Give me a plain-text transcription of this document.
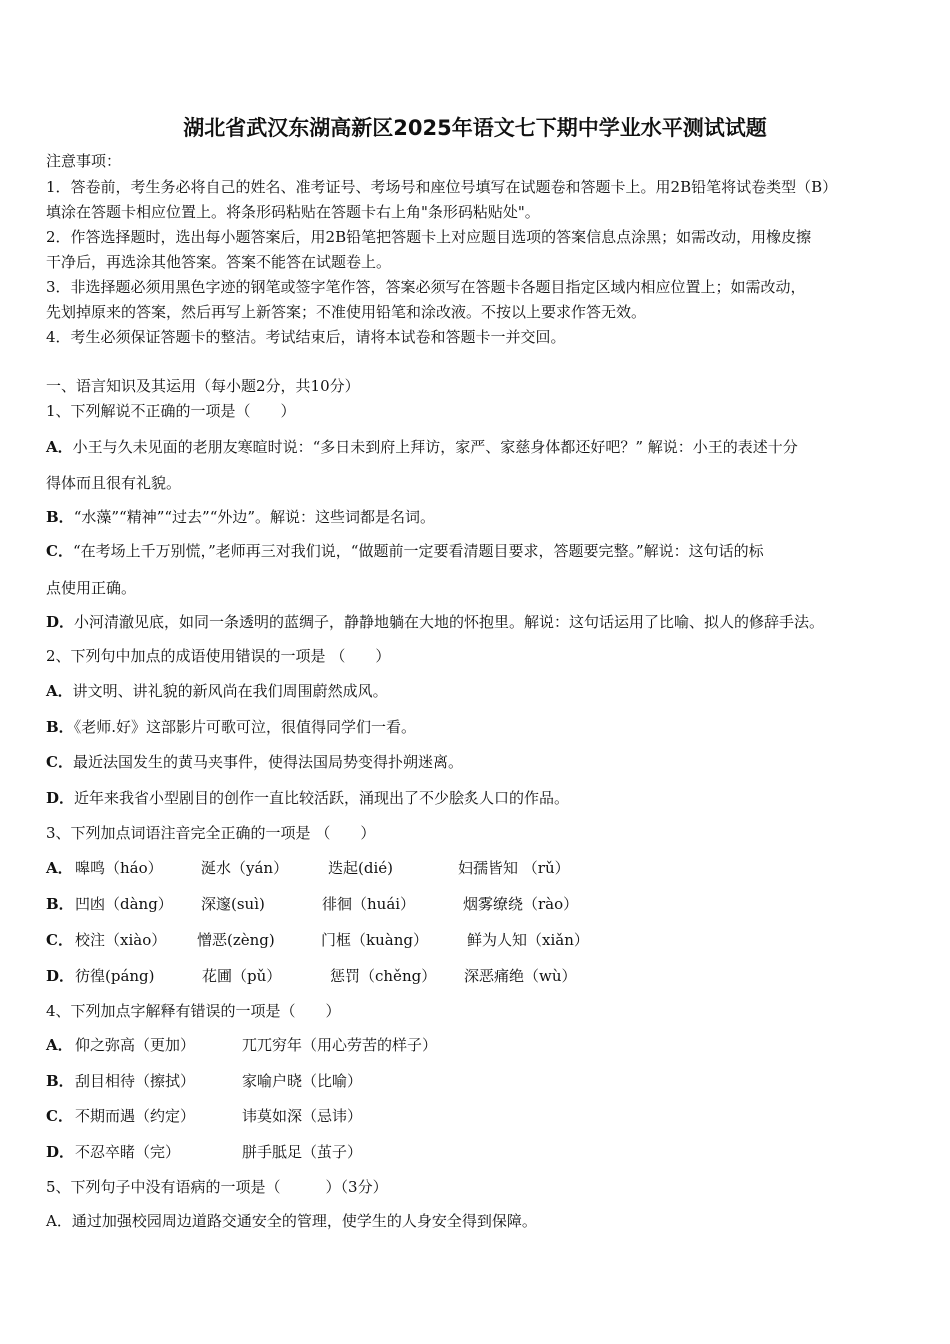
湖北省武汉东湖高新区2025年语文七下期中学业水平测试试题
注意事项：
1．答卷前，考生务必将自己的姓名、准考证号、考场号和座位号填写在试题卷和答题卡上。用2B铅笔将试卷类型（B）
填涂在答题卡相应位置上。将条形码粘贴在答题卡右上角"条形码粘贴处"。
2．作答选择题时，选出每小题答案后，用2B铅笔把答题卡上对应题目选项的答案信息点涂黑；如需改动，用橡皮擦
干净后，再选涂其他答案。答案不能答在试题卷上。
3．非选择题必须用黑色字迹的钢笔或签字笔作答，答案必须写在答题卡各题目指定区域内相应位置上；如需改动，
先划掉原来的答案，然后再写上新答案；不准使用铅笔和涂改液。不按以上要求作答无效。
4．考生必须保证答题卡的整洁。考试结束后，请将本试卷和答题卡一并交回。
一、语言知识及其运用（每小题2分，共10分）
1、下列解说不正确的一项是（　　）
A．小王与久未见面的老朋友寒暄时说：“多日未到府上拜访，家严、家慈身体都还好吧？” 解说：小王的表述十分
得体而且很有礼貌。
B．“水藻”“精神”“过去”“外边”。解说：这些词都是名词。
C．“在考场上千万别慌，”老师再三对我们说，“做题前一定要看清题目要求，答题要完整。”解说：这句话的标
点使用正确。
D．小河清澈见底，如同一条透明的蓝绸子，静静地躺在大地的怀抱里。解说：这句话运用了比喻、拟人的修辞手法。
2、下列句中加点的成语使用错误的一项是 （　　）
A．讲文明、讲礼貌的新风尚在我们周围蔚然成风。
B．《老师.好》这部影片可歌可泣，很值得同学们一看。
C．最近法国发生的黄马夹事件，使得法国局势变得扑朔迷离。
D．近年来我省小型剧目的创作一直比较活跃，涌现出了不少脍炙人口的作品。
3、下列加点词语注音完全正确的一项是 （　　）
A． 嗥鸣（háo）	涎水（yán）	迭起(dié)	妇孺皆知 （rǔ）
B． 凹凼（dàng） 深邃(suì)	徘徊（huái）	烟雾缭绕（rào）
C． 校注（xiào） 憎恶(zèng)	门框（kuàng）	鲜为人知（xiǎn）
D． 彷徨(páng)	花圃（pǔ）	惩罚（chěng） 深恶痛绝（wù）
4、下列加点字解释有错误的一项是（　　）
A． 仰之弥高（更加）	兀兀穷年（用心劳苦的样子）
B． 刮目相待（擦拭）	家喻户晓（比喻）
C． 不期而遇（约定）	讳莫如深（忌讳）
D． 不忍卒睹（完）	胼手胝足（茧子）
5、下列句子中没有语病的一项是（　　　）（3分）
A．通过加强校园周边道路交通安全的管理，使学生的人身安全得到保障。
